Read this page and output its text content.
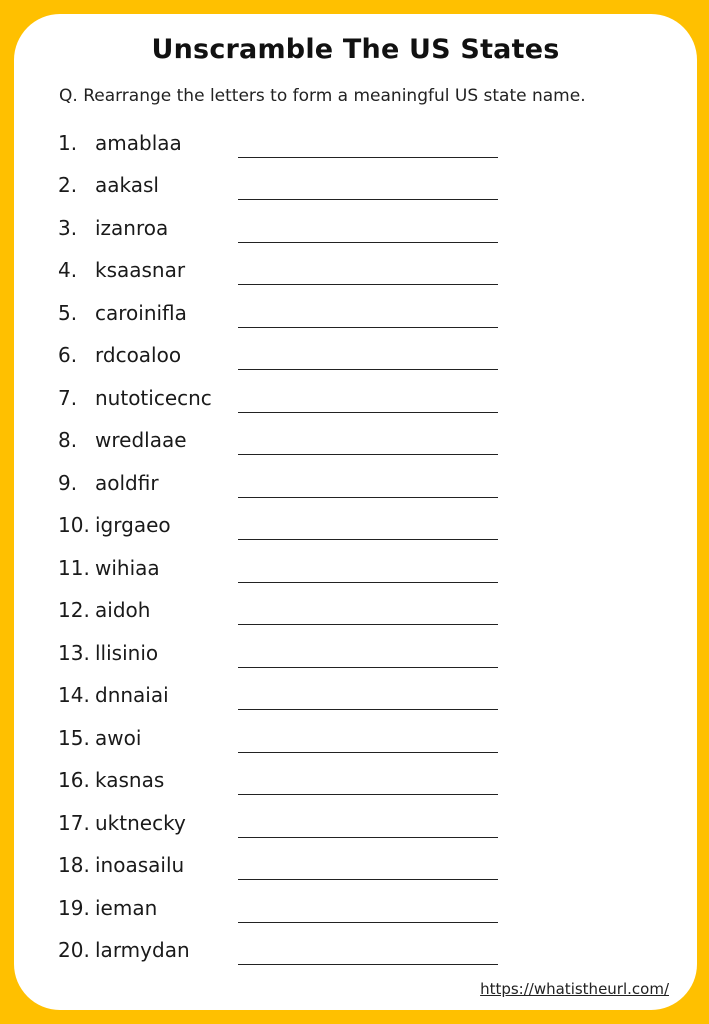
Unscramble The US States
Q. Rearrange the letters to form a meaningful US state name.
1. amablaa
2. aakasl
3. izanroa
4. ksaasnar
5. caroinifla
6. rdcoaloo
7. nutoticecnc
8. wredlaae
9. aoldfir
10. igrgaeo
11. wihiaa
12. aidoh
13. llisinio
14. dnnaiai
15. awoi
16. kasnas
17. uktnecky
18. inoasailu
19. ieman
20. larmydan
https://whatistheurl.com/
